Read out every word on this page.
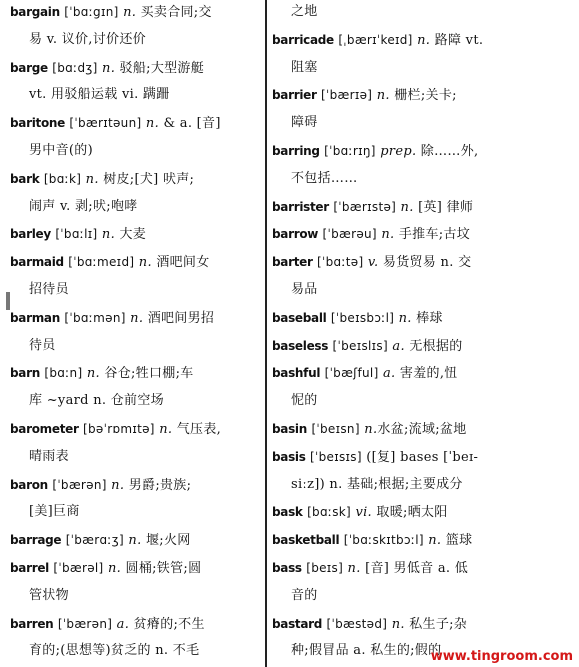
bargain [ˈbɑːgɪn] n. 买卖合同;交
易 v. 议价,讨价还价
barge [bɑːdʒ] n. 驳船;大型游艇
vt. 用驳船运载 vi. 蹒跚
baritone [ˈbærɪtəun] n. & a. [音]
男中音(的)
bark [bɑːk] n. 树皮;[犬] 吠声;
闹声 v. 剥;吠;咆哮
barley [ˈbɑːlɪ] n. 大麦
barmaid [ˈbɑːmeɪd] n. 酒吧间女
招待员
barman [ˈbɑːmən] n. 酒吧间男招
待员
barn [bɑːn] n. 谷仓;牲口棚;车
库 ~yard n. 仓前空场
barometer [bəˈrɒmɪtə] n. 气压表,
晴雨表
baron [ˈbærən] n. 男爵;贵族;
[美]巨商
barrage [ˈbærɑːʒ] n. 堰;火网
barrel [ˈbærəl] n. 圆桶;铁管;圆
管状物
barren [ˈbærən] a. 贫瘠的;不生
育的;(思想等)贫乏的 n. 不毛
之地
barricade [ˌbærɪˈkeɪd] n. 路障 vt.
阻塞
barrier [ˈbærɪə] n. 栅栏;关卡;
障碍
barring [ˈbɑːrɪŋ] prep. 除……外,
不包括……
barrister [ˈbærɪstə] n. [英] 律师
barrow [ˈbærəu] n. 手推车;古坟
barter [ˈbɑːtə] v. 易货贸易 n. 交
易品
baseball [ˈbeɪsbɔːl] n. 棒球
baseless [ˈbeɪslɪs] a. 无根据的
bashful [ˈbæʃful] a. 害羞的,忸
怩的
basin [ˈbeɪsn] n.水盆;流域;盆地
basis [ˈbeɪsɪs] ([复] bases [ˈbeɪ-
siːz]) n. 基础;根据;主要成分
bask [bɑːsk] vi. 取暖;晒太阳
basketball [ˈbɑːskɪtbɔːl] n. 篮球
bass [beɪs] n. [音] 男低音 a. 低
音的
bastard [ˈbæstəd] n. 私生子;杂
种;假冒品 a. 私生的;假的
www.tingroom.com
